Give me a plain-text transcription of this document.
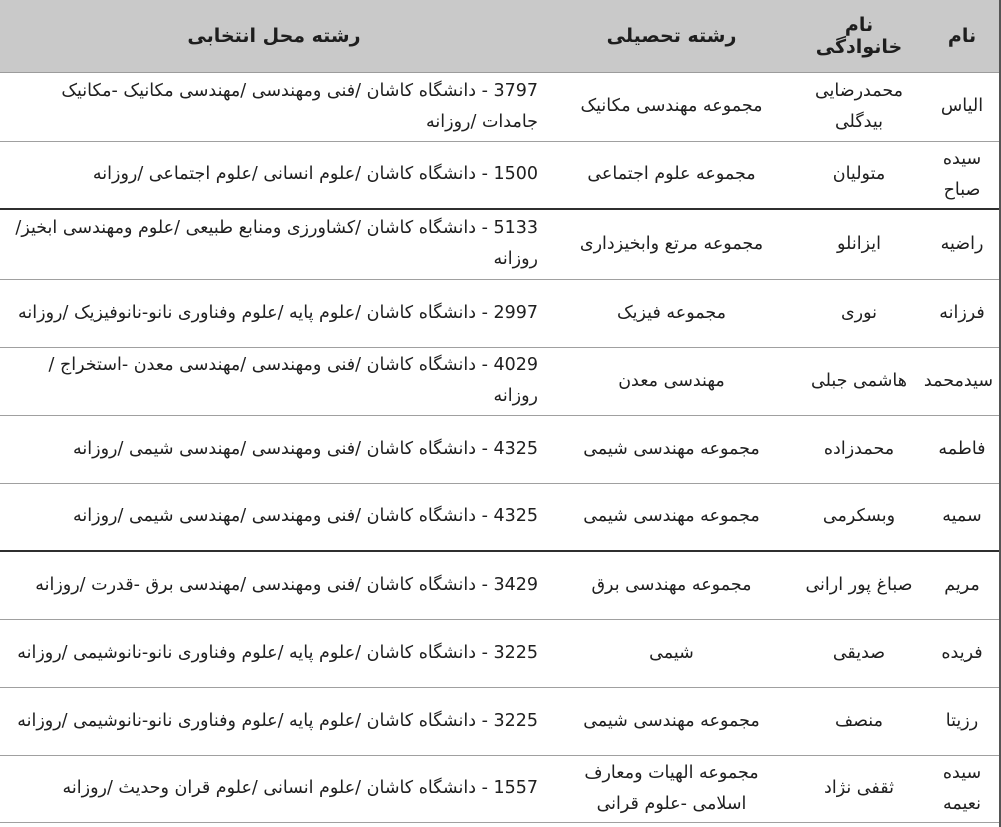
نام	نام خانوادگی	رشته تحصیلی	رشته محل انتخابی
الیاس	محمدرضایی بیدگلی	مجموعه مهندسی مکانیک	3797 - دانشگاه کاشان /فنی ومهندسی /مهندسی مکانیک -مکانیک جامدات /روزانه
سیده صباح	متولیان	مجموعه علوم اجتماعی	1500 - دانشگاه کاشان /علوم انسانی /علوم اجتماعی /روزانه
راضیه	ایزانلو	مجموعه مرتع وابخیزداری	5133 - دانشگاه کاشان /کشاورزی ومنابع طبیعی /علوم ومهندسی ابخیز/روزانه
فرزانه	نوری	مجموعه فیزیک	2997 - دانشگاه کاشان /علوم پایه /علوم وفناوری نانو-نانوفیزیک /روزانه
سیدمحمد	هاشمی جبلی	مهندسی معدن	4029 - دانشگاه کاشان /فنی ومهندسی /مهندسی معدن -استخراج /روزانه
فاطمه	محمدزاده	مجموعه مهندسی شیمی	4325 - دانشگاه کاشان /فنی ومهندسی /مهندسی شیمی /روزانه
سمیه	وبسکرمی	مجموعه مهندسی شیمی	4325 - دانشگاه کاشان /فنی ومهندسی /مهندسی شیمی /روزانه
مریم	صباغ پور ارانی	مجموعه مهندسی برق	3429 - دانشگاه کاشان /فنی ومهندسی /مهندسی برق -قدرت /روزانه
فریده	صدیقی	شیمی	3225 - دانشگاه کاشان /علوم پایه /علوم وفناوری نانو-نانوشیمی /روزانه
رزیتا	منصف	مجموعه مهندسی شیمی	3225 - دانشگاه کاشان /علوم پایه /علوم وفناوری نانو-نانوشیمی /روزانه
سیده نعیمه	ثقفی نژاد	مجموعه الهیات ومعارف اسلامی -علوم قرانی	1557 - دانشگاه کاشان /علوم انسانی /علوم قران وحدیث /روزانه
